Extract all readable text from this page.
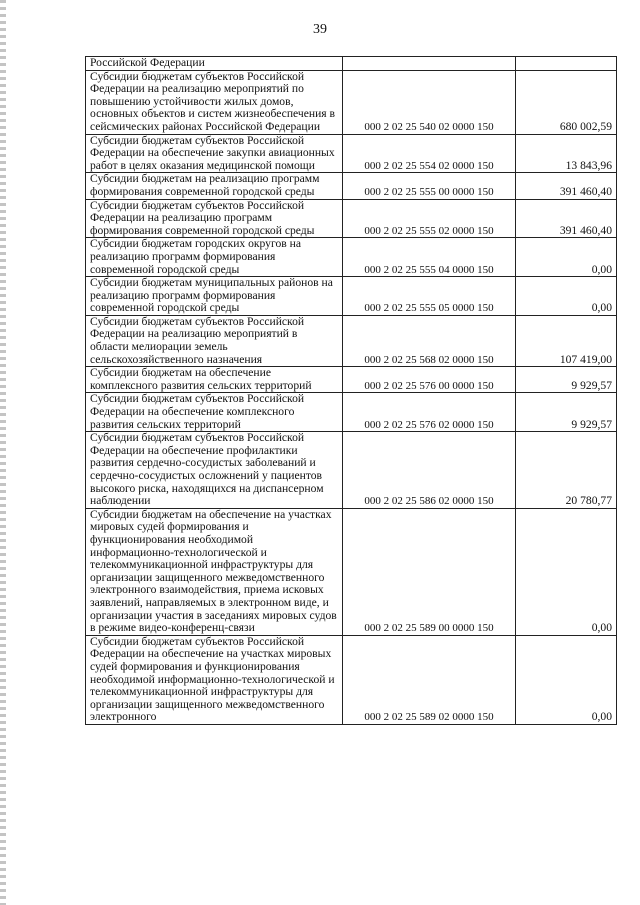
39
Российской Федерации		
Субсидии бюджетам субъектов Российской Федерации на реализацию мероприятий по повышению устойчивости жилых домов, основных объектов и систем жизнеобеспечения в сейсмических районах Российской Федерации	000 2 02 25 540 02 0000 150	680 002,59
Субсидии бюджетам субъектов Российской Федерации на обеспечение закупки авиационных работ в целях оказания медицинской помощи	000 2 02 25 554 02 0000 150	13 843,96
Субсидии бюджетам на реализацию программ формирования современной городской среды	000 2 02 25 555 00 0000 150	391 460,40
Субсидии бюджетам субъектов Российской Федерации на реализацию программ формирования современной городской среды	000 2 02 25 555 02 0000 150	391 460,40
Субсидии бюджетам городских округов на реализацию программ формирования современной городской среды	000 2 02 25 555 04 0000 150	0,00
Субсидии бюджетам муниципальных районов на реализацию программ формирования современной городской среды	000 2 02 25 555 05 0000 150	0,00
Субсидии бюджетам субъектов Российской Федерации на реализацию мероприятий в области мелиорации земель сельскохозяйственного назначения	000 2 02 25 568 02 0000 150	107 419,00
Субсидии бюджетам на обеспечение комплексного развития сельских территорий	000 2 02 25 576 00 0000 150	9 929,57
Субсидии бюджетам субъектов Российской Федерации на обеспечение комплексного развития сельских территорий	000 2 02 25 576 02 0000 150	9 929,57
Субсидии бюджетам субъектов Российской Федерации на обеспечение профилактики развития сердечно-сосудистых заболеваний и сердечно-сосудистых осложнений у пациентов высокого риска, находящихся на диспансерном наблюдении	000 2 02 25 586 02 0000 150	20 780,77
Субсидии бюджетам на обеспечение на участках мировых судей формирования и функционирования необходимой информационно-технологической и телекоммуникационной инфраструктуры для организации защищенного межведомственного электронного взаимодействия, приема исковых заявлений, направляемых в электронном виде, и организации участия в заседаниях мировых судов в режиме видео-конференц-связи	000 2 02 25 589 00 0000 150	0,00
Субсидии бюджетам субъектов Российской Федерации на обеспечение на участках мировых судей формирования и функционирования необходимой информационно-технологической и телекоммуникационной инфраструктуры для организации защищенного межведомственного электронного	000 2 02 25 589 02 0000 150	0,00
